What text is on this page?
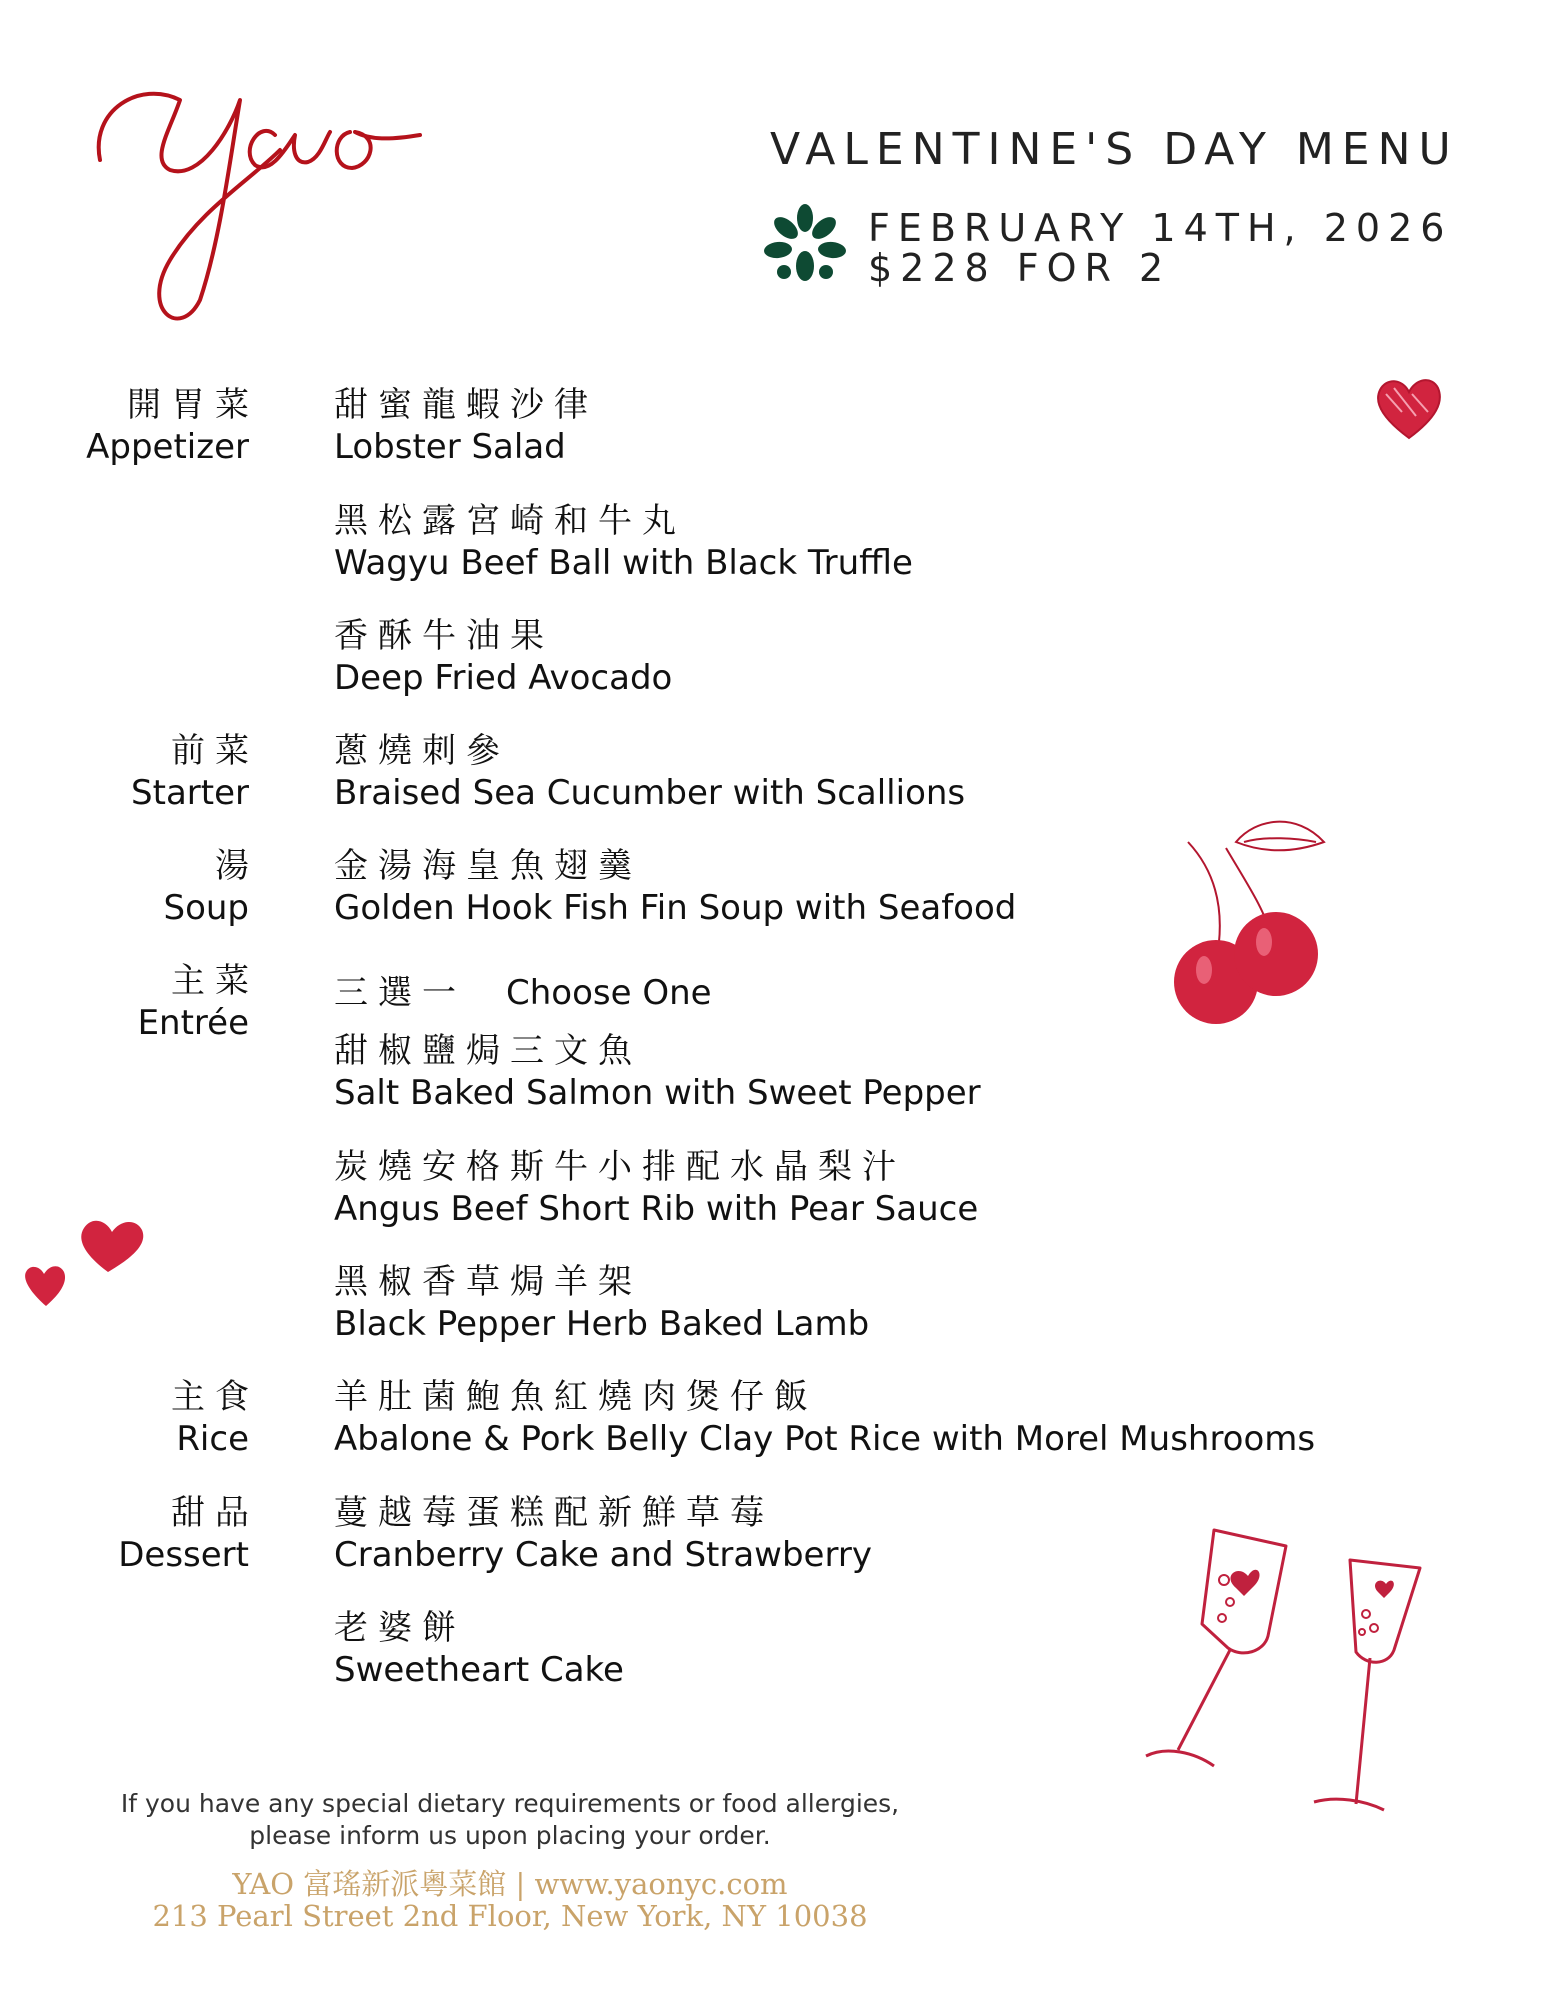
Yao
VALENTINE'S DAY MENU
FEBRUARY 14TH, 2026
$228 FOR 2
開胃菜
Appetizer
前菜
Starter
湯
Soup
主菜
Entrée
主食
Rice
甜品
Dessert
甜蜜龍蝦沙律
Lobster Salad
黑松露宮崎和牛丸
Wagyu Beef Ball with Black Truffle
香酥牛油果
Deep Fried Avocado
蔥燒刺參
Braised Sea Cucumber with Scallions
金湯海皇魚翅羹
Golden Hook Fish Fin Soup with Seafood
三選一 Choose One
甜椒鹽焗三文魚
Salt Baked Salmon with Sweet Pepper
炭燒安格斯牛小排配水晶梨汁
Angus Beef Short Rib with Pear Sauce
黑椒香草焗羊架
Black Pepper Herb Baked Lamb
羊肚菌鮑魚紅燒肉煲仔飯
Abalone & Pork Belly Clay Pot Rice with Morel Mushrooms
蔓越莓蛋糕配新鮮草莓
Cranberry Cake and Strawberry
老婆餅
Sweetheart Cake
If you have any special dietary requirements or food allergies,
please inform us upon placing your order.
YAO 富瑤新派粵菜館 | www.yaonyc.com
213 Pearl Street 2nd Floor, New York, NY 10038
